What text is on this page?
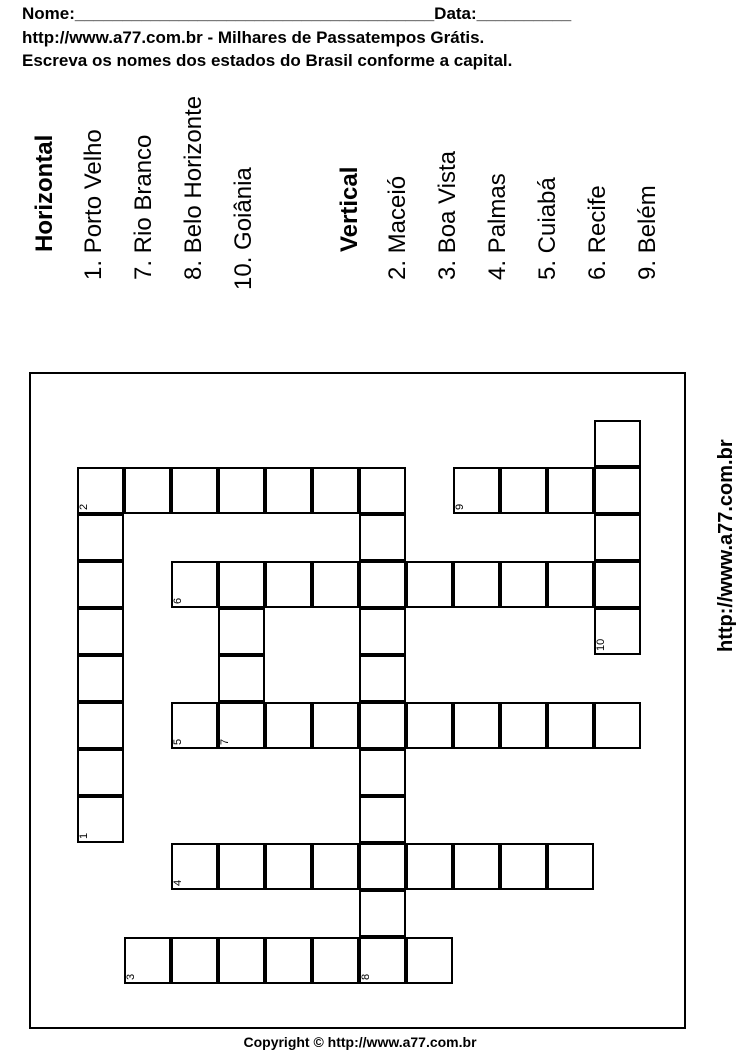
Nome:______________________________________Data:__________
http://www.a77.com.br - Milhares de Passatempos Grátis.
Escreva os nomes dos estados do Brasil conforme a capital.
Horizontal 1. Porto Velho 7. Rio Branco 8. Belo Horizonte 10. Goiânia	Vertical 2. Maceió 3. Boa Vista 4. Palmas 5. Cuiabá 6. Recife 9. Belém
2	9
6
10
5	7
1
4
3	8
http://www.a77.com.br
Copyright © http://www.a77.com.br
